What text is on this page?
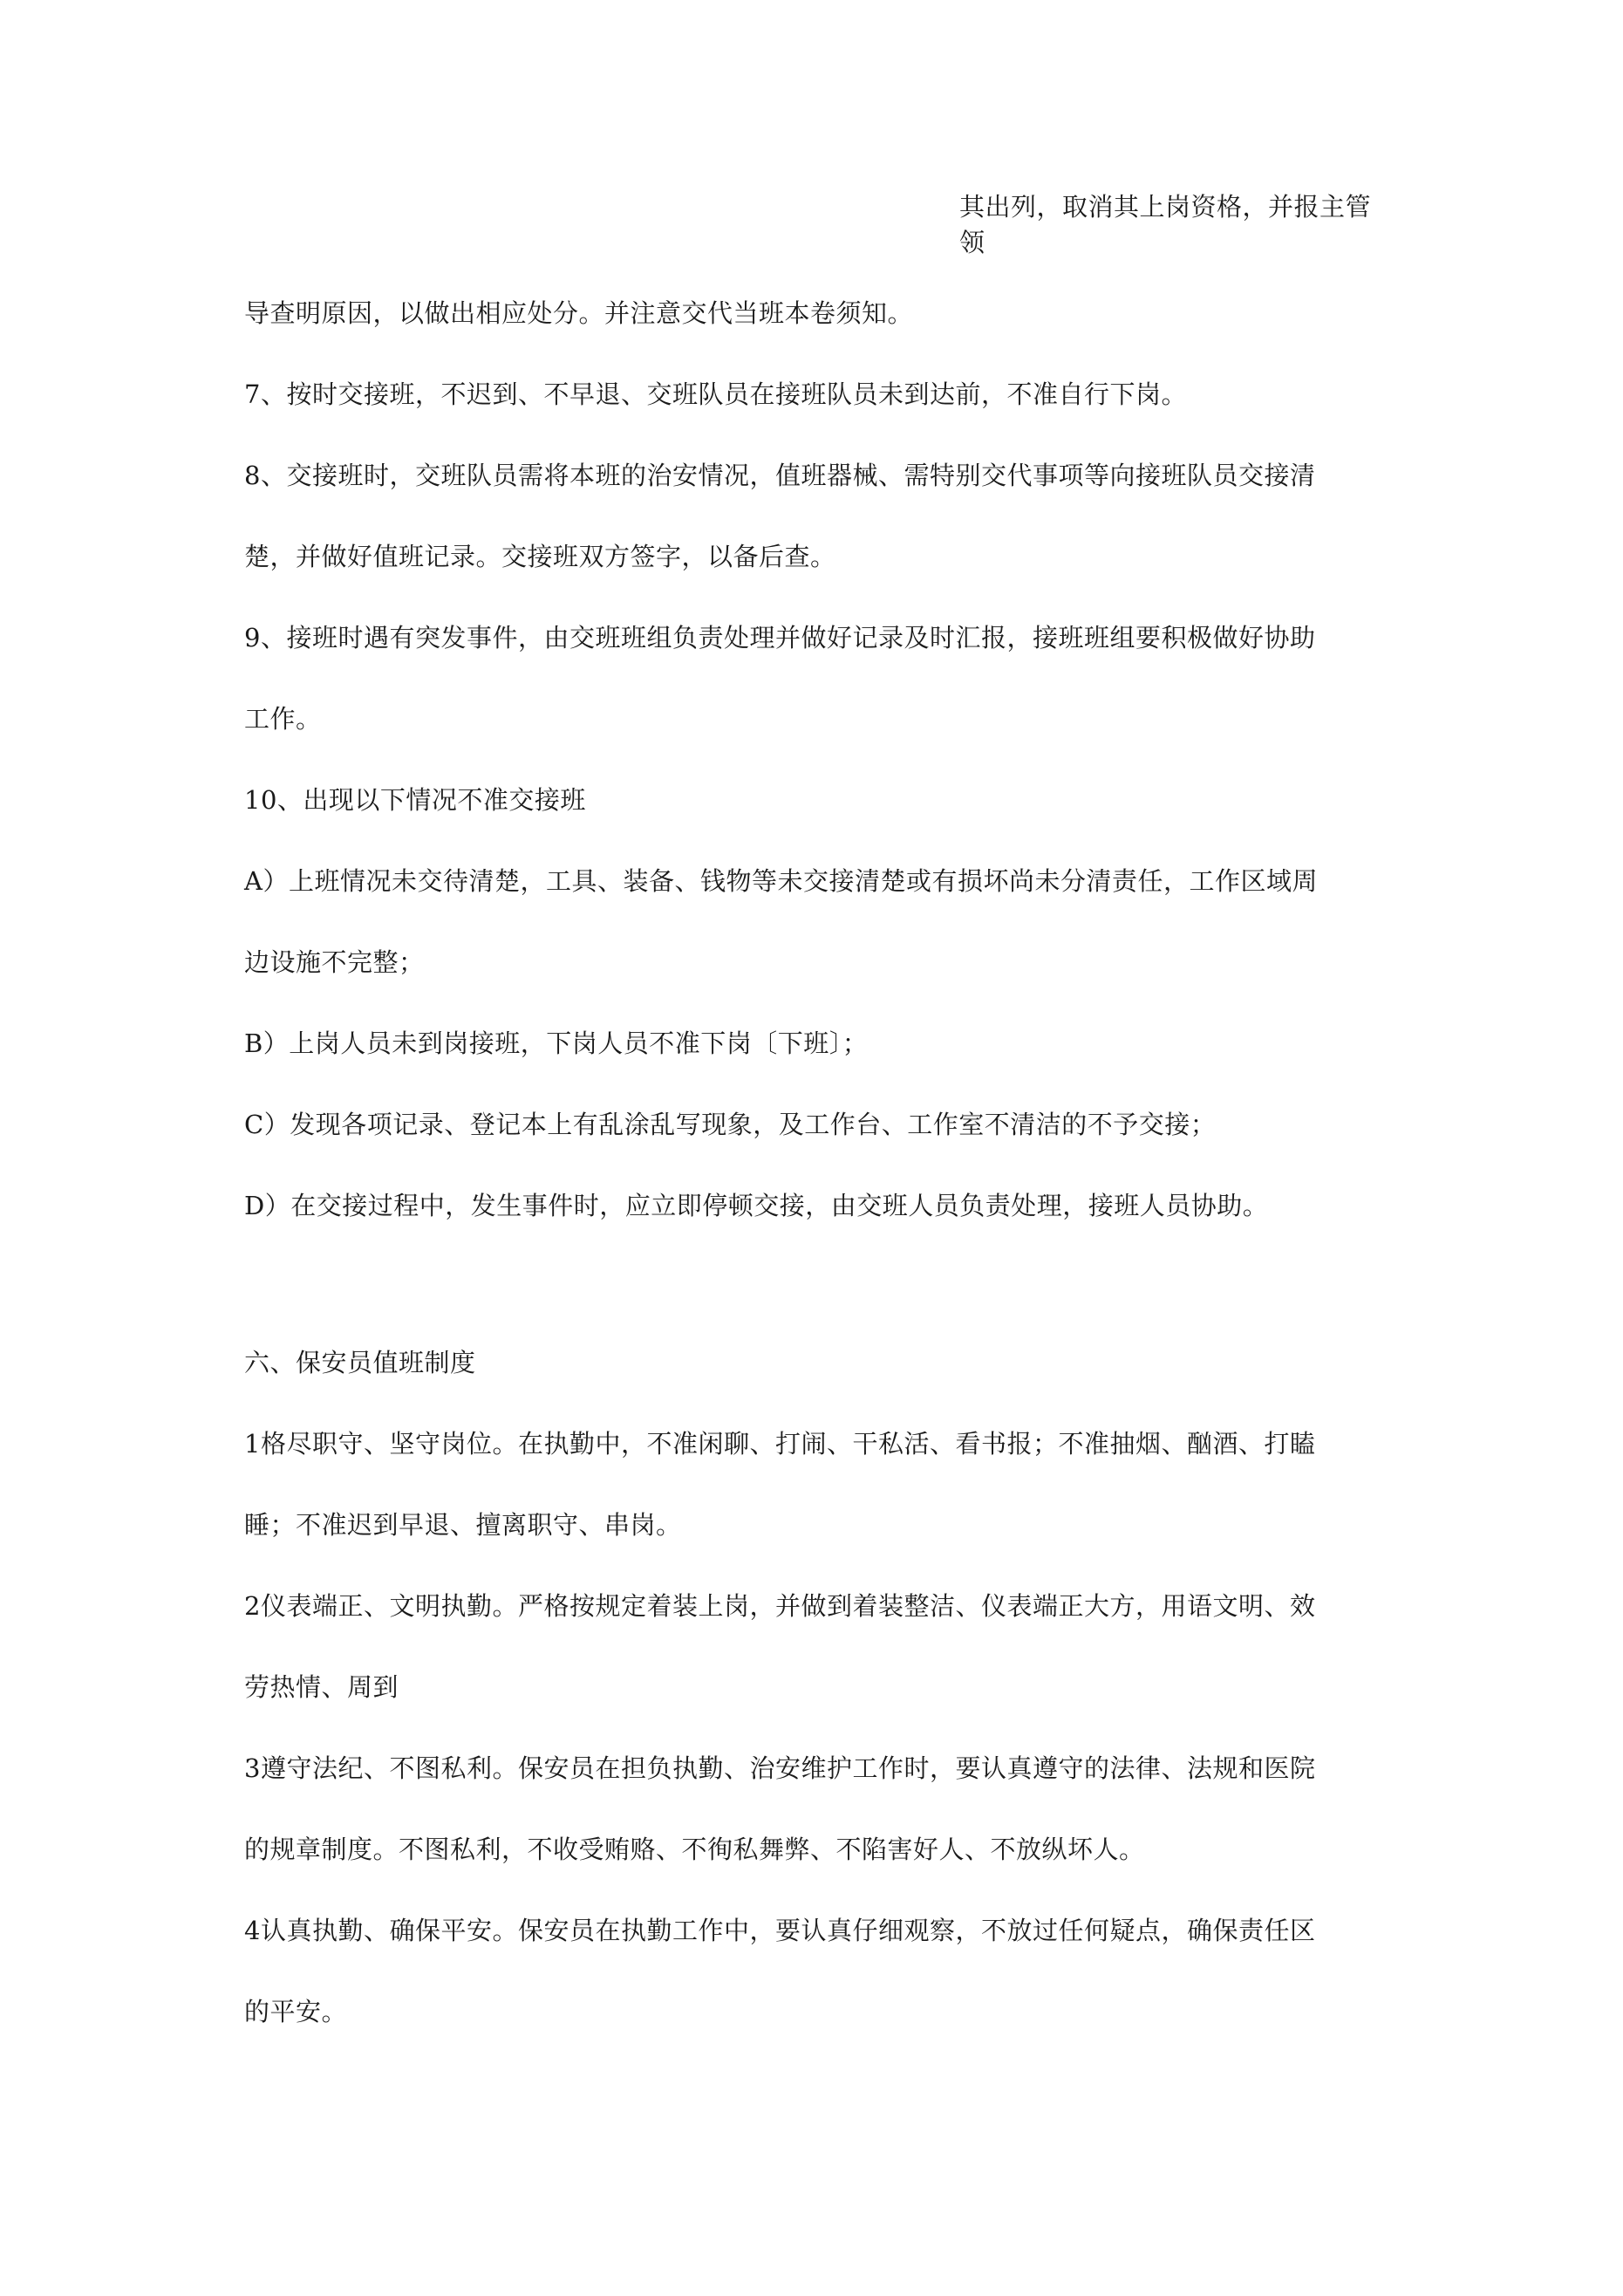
其出列，取消其上岗资格，并报主管
领
导查明原因，以做出相应处分。并注意交代当班本卷须知。
7、按时交接班，不迟到、不早退、交班队员在接班队员未到达前，不准自行下岗。
8、交接班时，交班队员需将本班的治安情况，值班器械、需特别交代事项等向接班队员交接清
楚，并做好值班记录。交接班双方签字，以备后查。
9、接班时遇有突发事件，由交班班组负责处理并做好记录及时汇报，接班班组要积极做好协助
工作。
10、出现以下情况不准交接班
A）上班情况未交待清楚，工具、装备、钱物等未交接清楚或有损坏尚未分清责任，工作区域周
边设施不完整；
B）上岗人员未到岗接班，下岗人员不准下岗〔下班〕；
C）发现各项记录、登记本上有乱涂乱写现象，及工作台、工作室不清洁的不予交接；
D）在交接过程中，发生事件时，应立即停顿交接，由交班人员负责处理，接班人员协助。
六、保安员值班制度
1格尽职守、坚守岗位。在执勤中，不准闲聊、打闹、干私活、看书报；不准抽烟、酗酒、打瞌
睡；不准迟到早退、擅离职守、串岗。
2仪表端正、文明执勤。严格按规定着装上岗，并做到着装整洁、仪表端正大方，用语文明、效
劳热情、周到
3遵守法纪、不图私利。保安员在担负执勤、治安维护工作时，要认真遵守的法律、法规和医院
的规章制度。不图私利，不收受贿赂、不徇私舞弊、不陷害好人、不放纵坏人。
4认真执勤、确保平安。保安员在执勤工作中，要认真仔细观察，不放过任何疑点，确保责任区
的平安。
